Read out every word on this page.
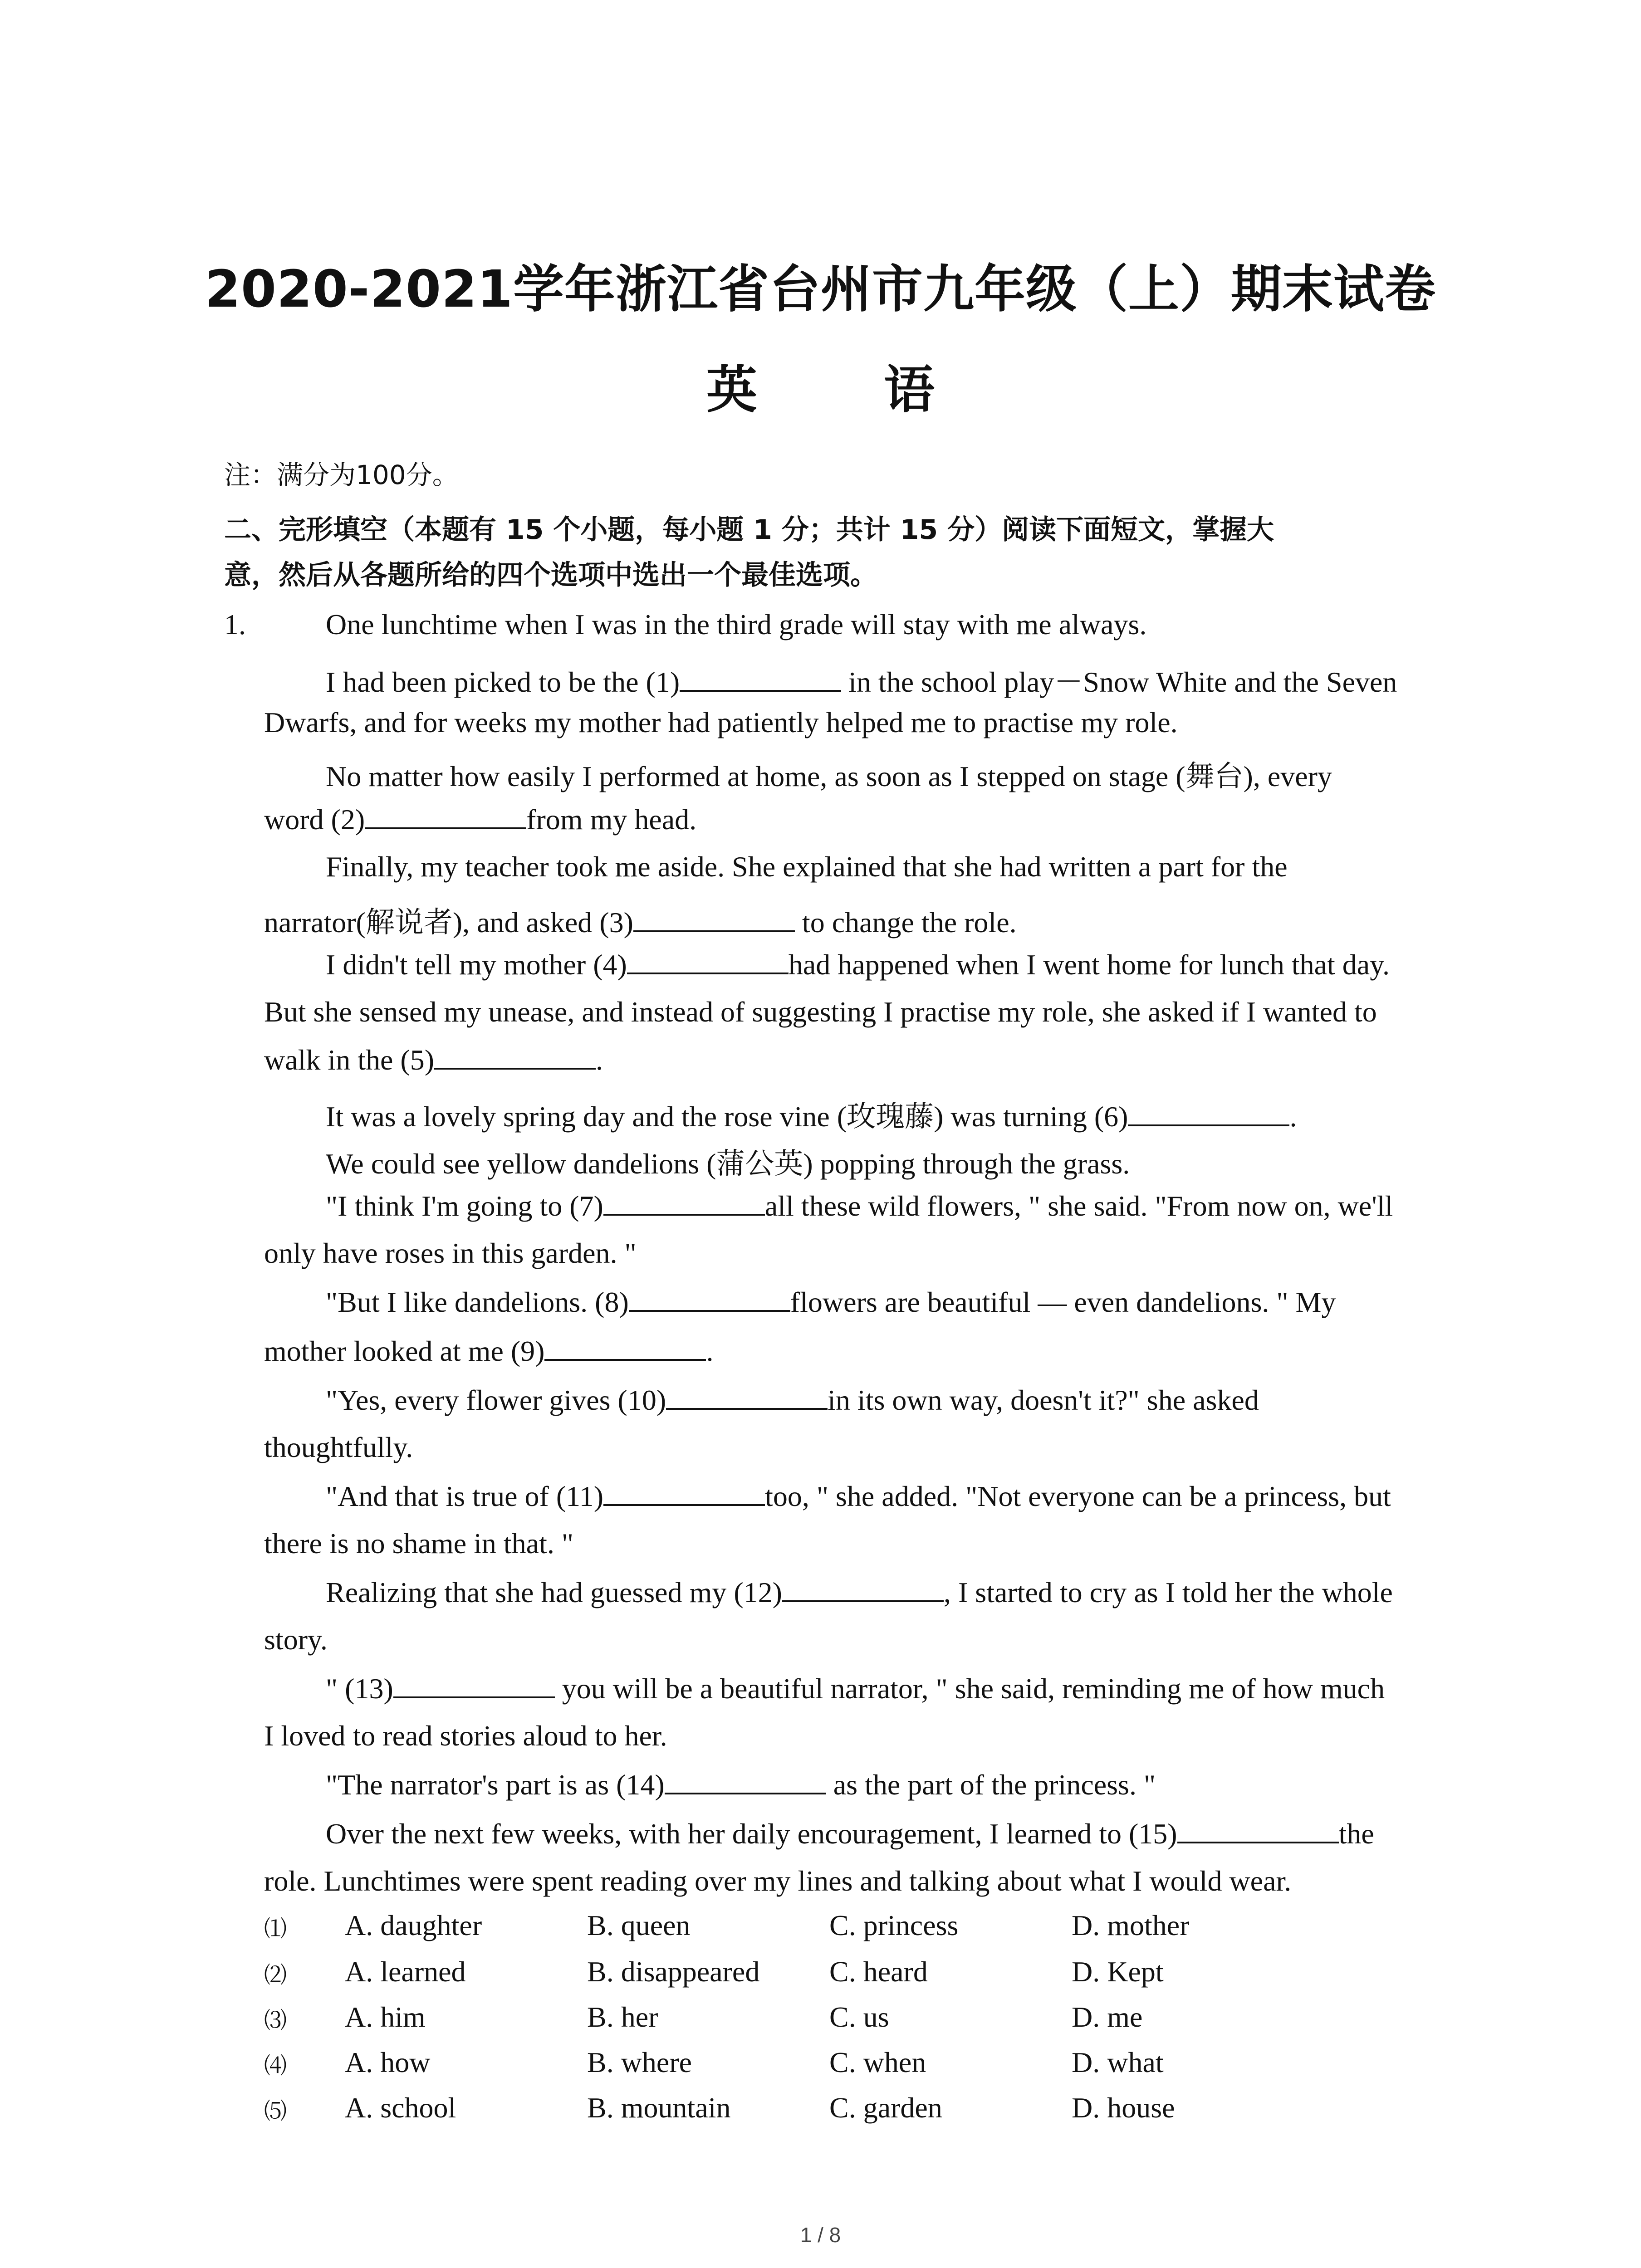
2020-2021学年浙江省台州市九年级（上）期末试卷
英 语
注：满分为100分。
二、完形填空（本题有 15 个小题，每小题 1 分；共计 15 分）阅读下面短文，掌握大
意，然后从各题所给的四个选项中选出一个最佳选项。
1.	One lunchtime when I was in the third grade will stay with me always.
I had been picked to be the (1)	in the school play－Snow White and the Seven
Dwarfs, and for weeks my mother had patiently helped me to practise my role.
No matter how easily I performed at home, as soon as I stepped on stage (舞台), every
word (2)	from my head.
Finally, my teacher took me aside. She explained that she had written a part for the
narrator(解说者), and asked (3)	to change the role.
I didn't tell my mother (4)	had happened when I went home for lunch that day.
But she sensed my unease, and instead of suggesting I practise my role, she asked if I wanted to
walk in the (5)	.
It was a lovely spring day and the rose vine (玫瑰藤) was turning (6)	.
We could see yellow dandelions (蒲公英) popping through the grass.
"I think I'm going to (7)	all these wild flowers, " she said. "From now on, we'll
only have roses in this garden. "
"But I like dandelions. (8)	flowers are beautiful — even dandelions. " My
mother looked at me (9)	.
"Yes, every flower gives (10)	in its own way, doesn't it?" she asked
thoughtfully.
"And that is true of (11)	too, " she added. "Not everyone can be a princess, but
there is no shame in that. "
Realizing that she had guessed my (12)	, I started to cry as I told her the whole
story.
" (13)	you will be a beautiful narrator, " she said, reminding me of how much
I loved to read stories aloud to her.
"The narrator's part is as (14)	as the part of the princess. "
Over the next few weeks, with her daily encouragement, I learned to (15)	the
role. Lunchtimes were spent reading over my lines and talking about what I would wear.
⑴ A. daughter	B. queen	C. princess	D. mother
⑵ A. learned	B. disappeared C. heard	D. Kept
⑶ A. him	B. her	C. us	D. me
⑷ A. how	B. where	C. when	D. what
⑸ A. school	B. mountain	C. garden	D. house
1 / 8
